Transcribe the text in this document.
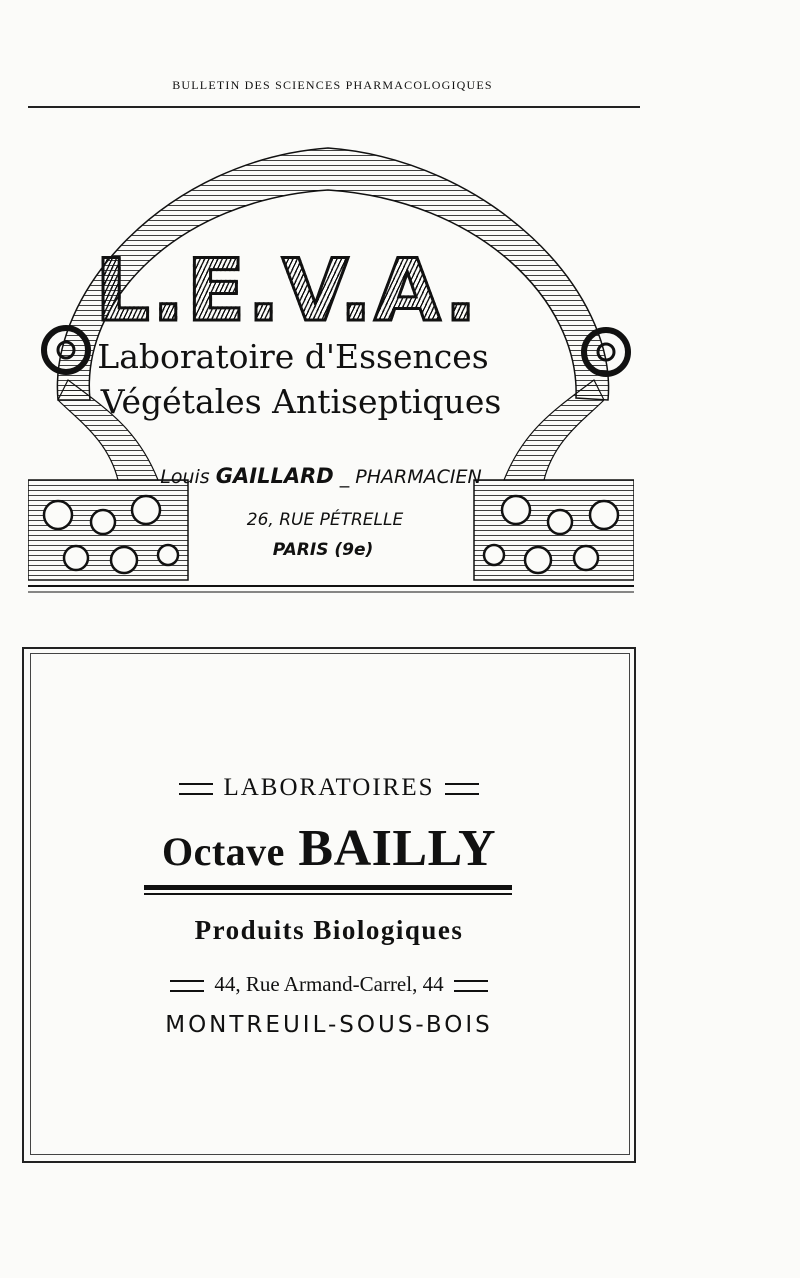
BULLETIN DES SCIENCES PHARMACOLOGIQUES
L.E.V.A.
Laboratoire d'Essences
Végétales Antiseptiques
Louis GAILLARD _ PHARMACIEN
26, RUE PÉTRELLE
PARIS (9e)
LABORATOIRES
Octave BAILLY
Produits Biologiques
44, Rue Armand-Carrel, 44
MONTREUIL-SOUS-BOIS
